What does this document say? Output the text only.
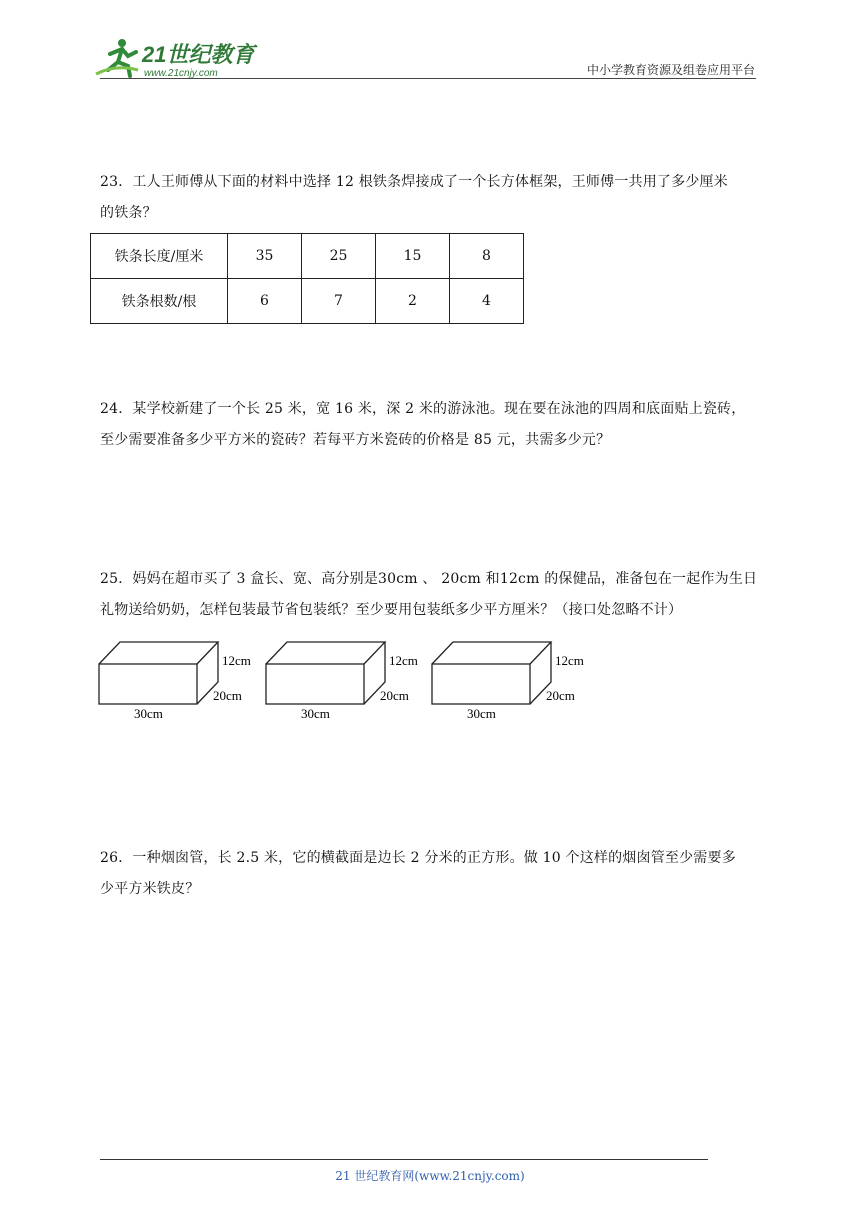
21世纪教育
www.21cnjy.com	中小学教育资源及组卷应用平台
23．工人王师傅从下面的材料中选择 12 根铁条焊接成了一个长方体框架，王师傅一共用了多少厘米
的铁条？
铁条长度/厘米	35	25	15	8
铁条根数/根	6	7	2	4
24．某学校新建了一个长 25 米，宽 16 米，深 2 米的游泳池。现在要在泳池的四周和底面贴上瓷砖，
至少需要准备多少平方米的瓷砖？若每平方米瓷砖的价格是 85 元，共需多少元？
25．妈妈在超市买了 3 盒长、宽、高分别是30cm 、 20cm 和12cm 的保健品，准备包在一起作为生日
礼物送给奶奶，怎样包装最节省包装纸？至少要用包装纸多少平方厘米？（接口处忽略不计）
12cm
20cm
30cm
12cm
20cm
30cm
12cm
20cm
30cm
26．一种烟囱管，长 2.5 米，它的横截面是边长 2 分米的正方形。做 10 个这样的烟囱管至少需要多
少平方米铁皮？
21 世纪教育网(www.21cnjy.com)
